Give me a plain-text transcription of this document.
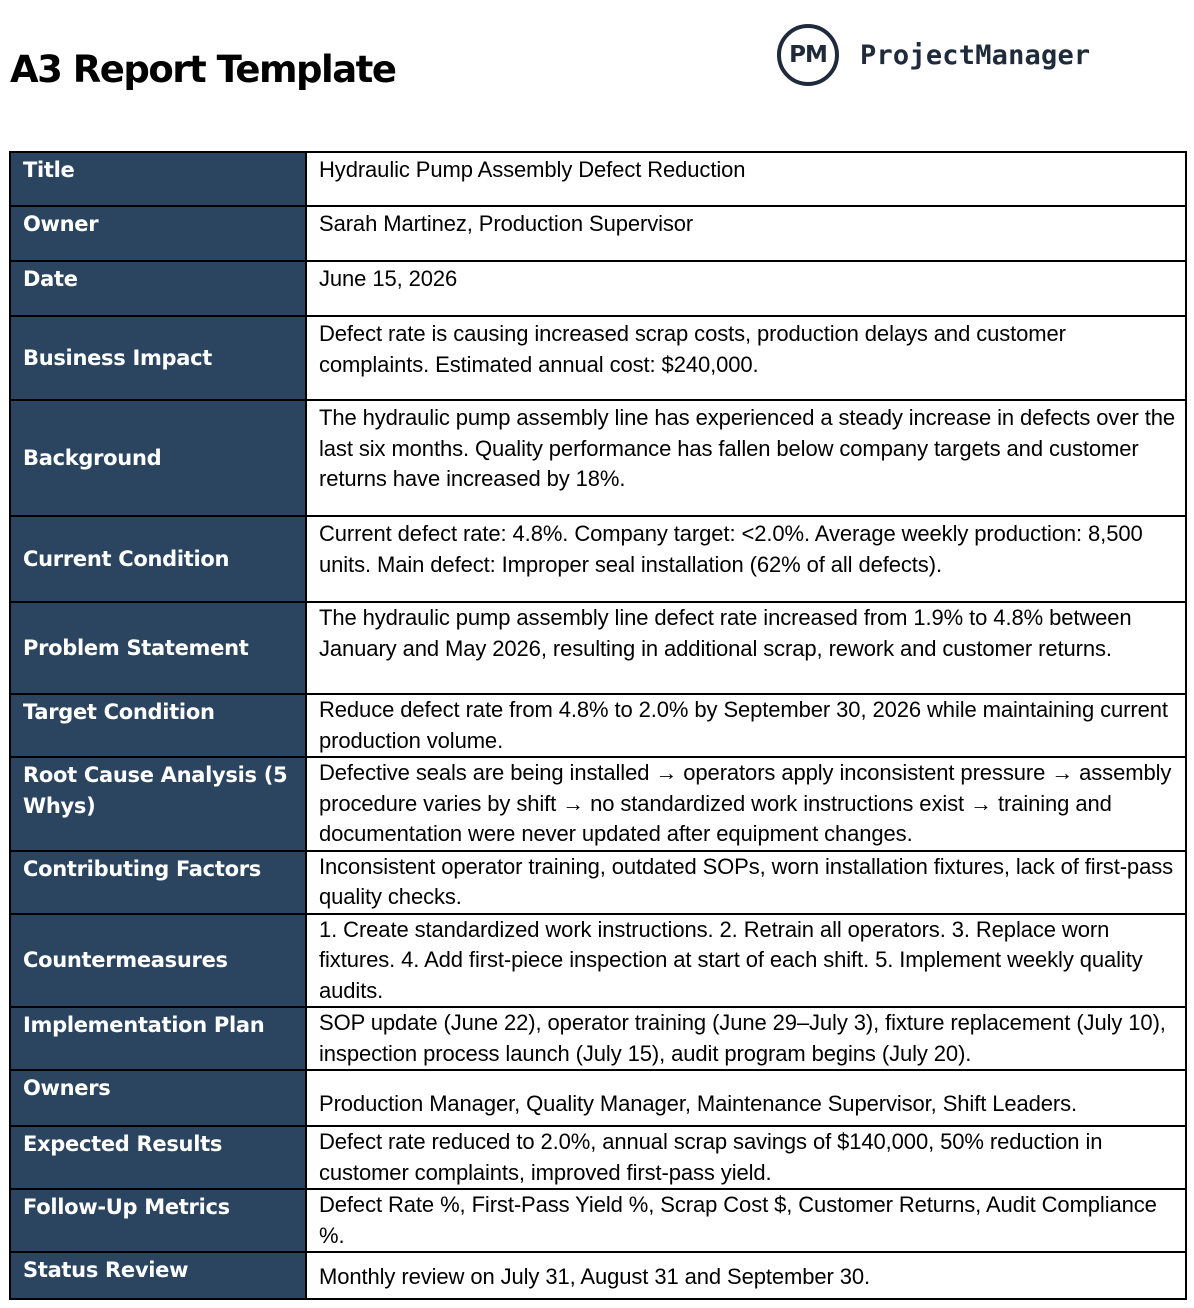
A3 Report Template	PM	ProjectManager
Title	Hydraulic Pump Assembly Defect Reduction
Owner	Sarah Martinez, Production Supervisor
Date	June 15, 2026
Business Impact	Defect rate is causing increased scrap costs, production delays and customer complaints. Estimated annual cost: $240,000.
Background	The hydraulic pump assembly line has experienced a steady increase in defects over the last six months. Quality performance has fallen below company targets and customer returns have increased by 18%.
Current Condition	Current defect rate: 4.8%. Company target: <2.0%. Average weekly production: 8,500 units. Main defect: Improper seal installation (62% of all defects).
Problem Statement	The hydraulic pump assembly line defect rate increased from 1.9% to 4.8% between January and May 2026, resulting in additional scrap, rework and customer returns.
Target Condition	Reduce defect rate from 4.8% to 2.0% by September 30, 2026 while maintaining current production volume.
Root Cause Analysis (5 Whys)	Defective seals are being installed → operators apply inconsistent pressure → assembly procedure varies by shift → no standardized work instructions exist → training and documentation were never updated after equipment changes.
Contributing Factors	Inconsistent operator training, outdated SOPs, worn installation fixtures, lack of first-pass quality checks.
Countermeasures	1. Create standardized work instructions. 2. Retrain all operators. 3. Replace worn fixtures. 4. Add first-piece inspection at start of each shift. 5. Implement weekly quality audits.
Implementation Plan	SOP update (June 22), operator training (June 29–July 3), fixture replacement (July 10), inspection process launch (July 15), audit program begins (July 20).
Owners	Production Manager, Quality Manager, Maintenance Supervisor, Shift Leaders.
Expected Results	Defect rate reduced to 2.0%, annual scrap savings of $140,000, 50% reduction in customer complaints, improved first-pass yield.
Follow-Up Metrics	Defect Rate %, First-Pass Yield %, Scrap Cost $, Customer Returns, Audit Compliance %.
Status Review	Monthly review on July 31, August 31 and September 30.
